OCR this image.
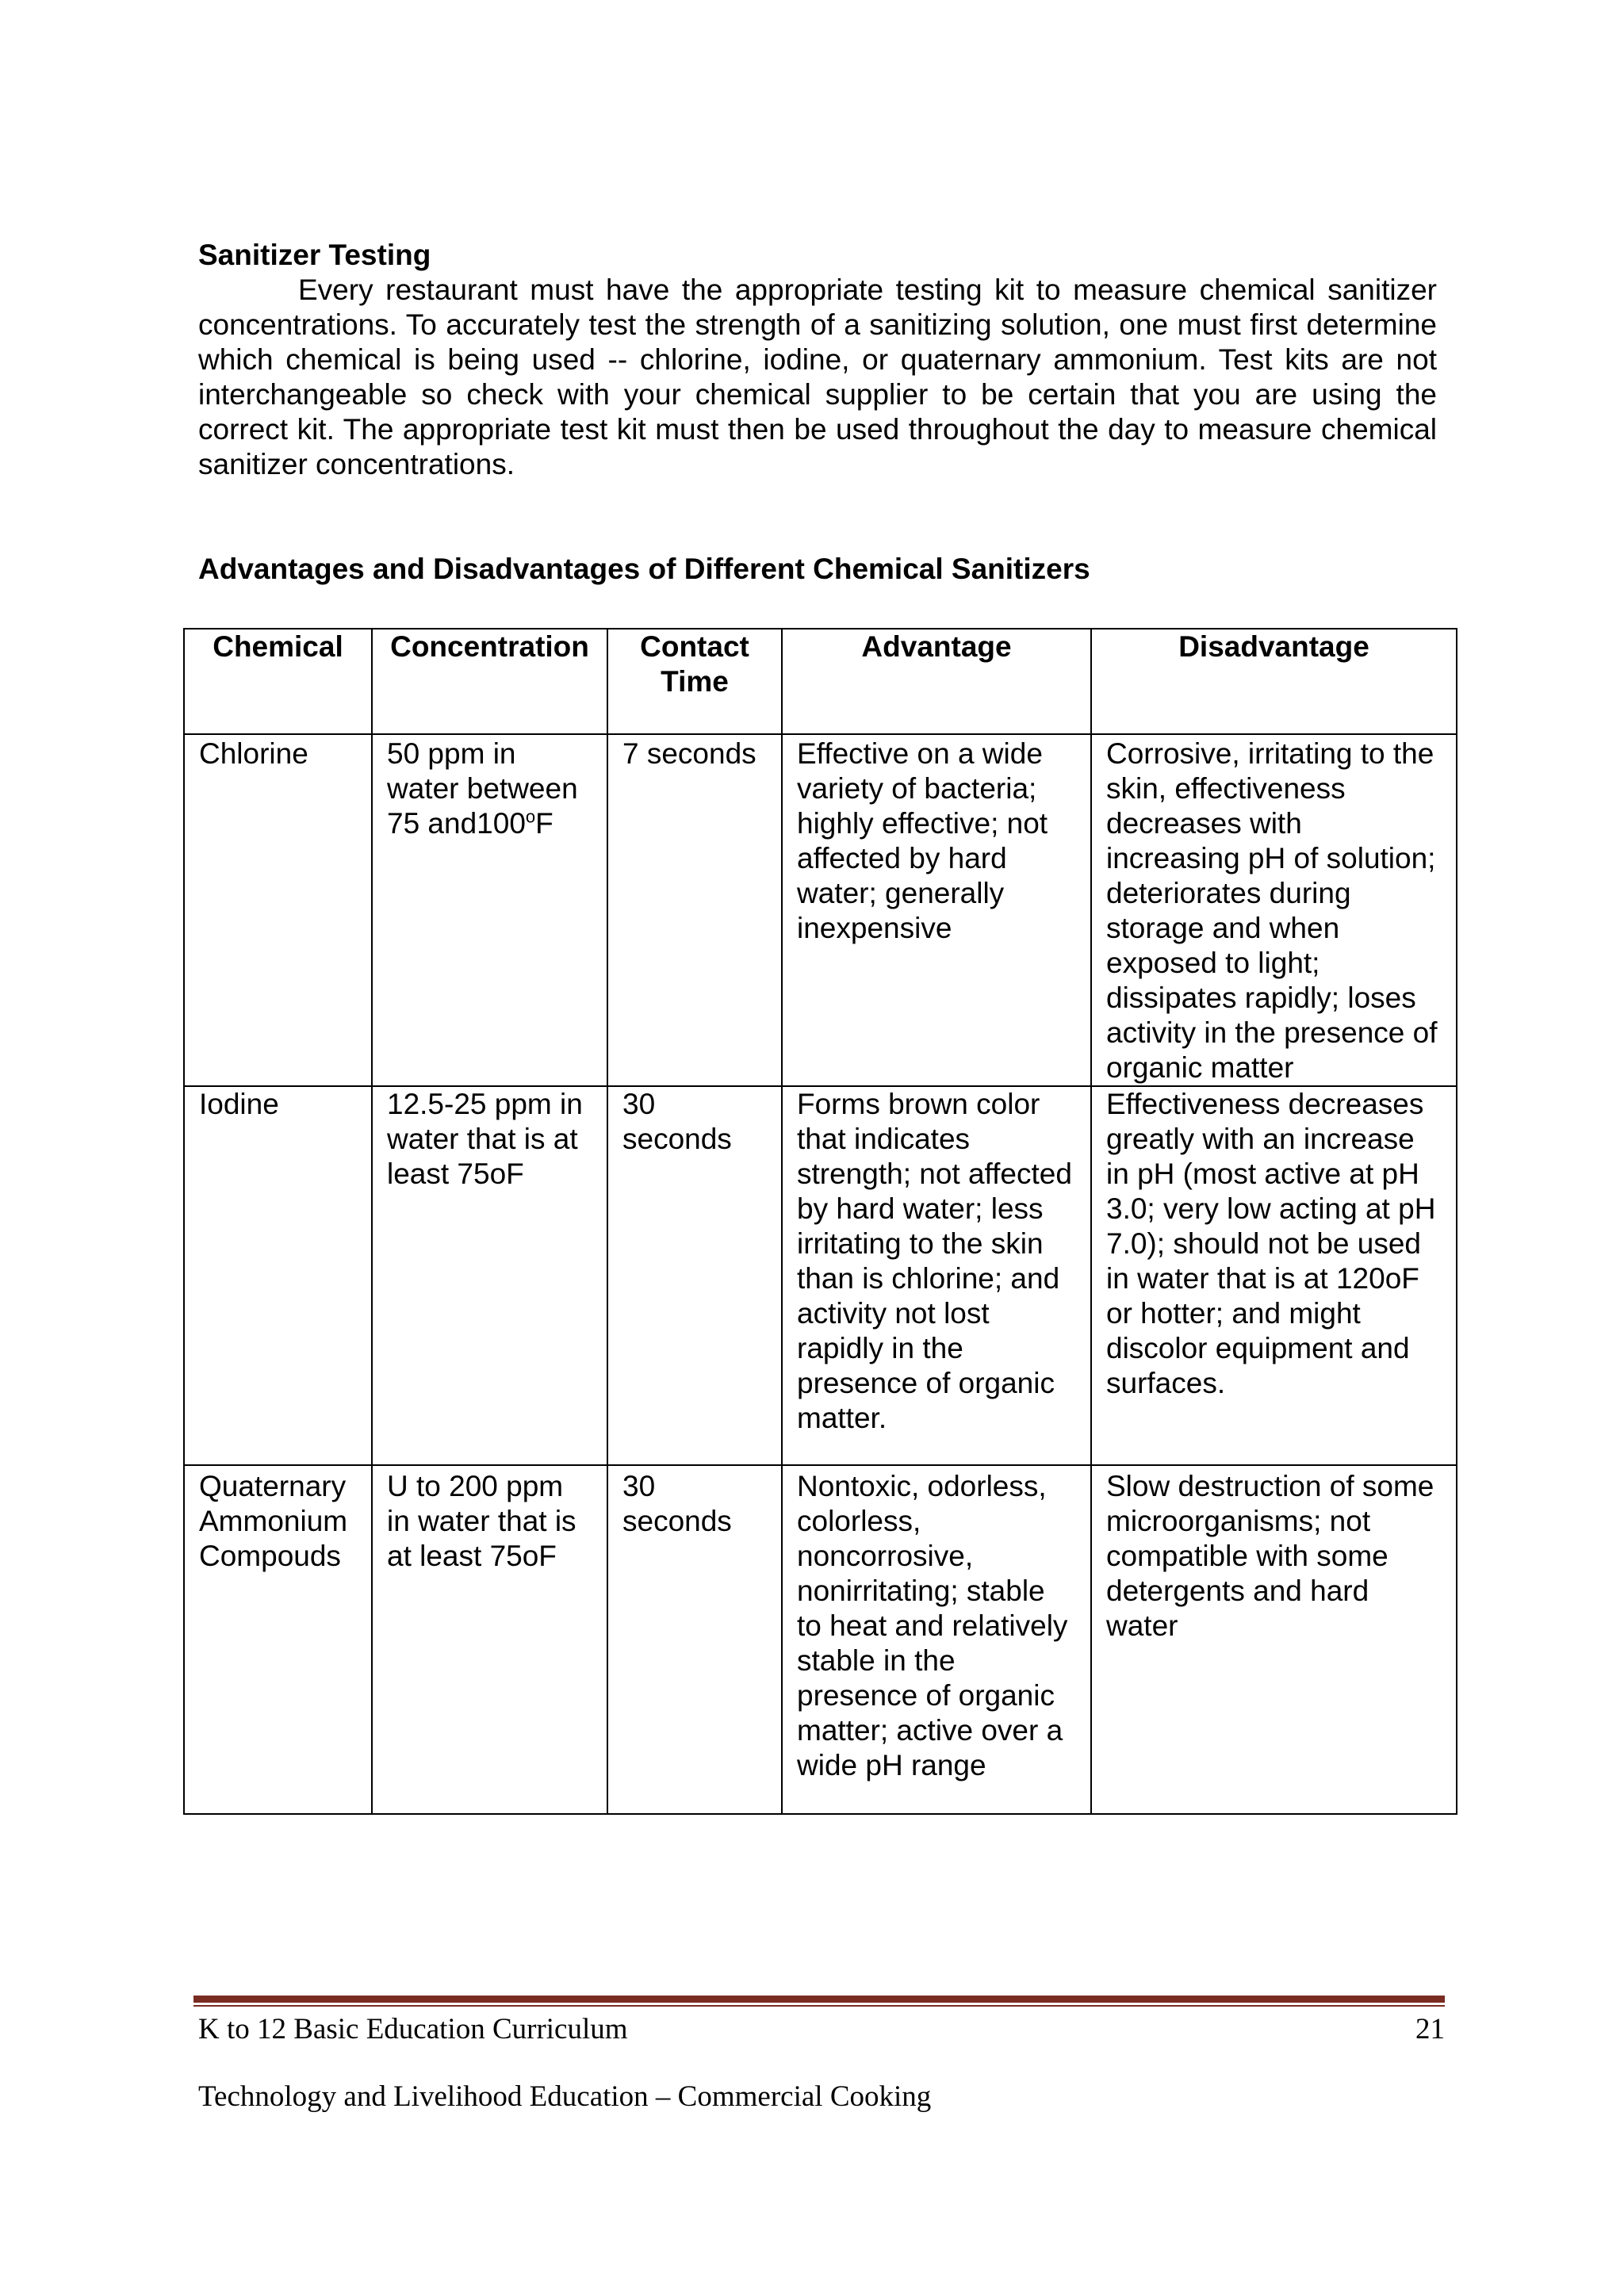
Sanitizer Testing

Every restaurant must have the appropriate testing kit to measure chemical sanitizer concentrations. To accurately test the strength of a sanitizing solution, one must first determine which chemical is being used -- chlorine, iodine, or quaternary ammonium. Test kits are not interchangeable so check with your chemical supplier to be certain that you are using the correct kit. The appropriate test kit must then be used throughout the day to measure chemical sanitizer concentrations.

Advantages and Disadvantages of Different Chemical Sanitizers
Chemical	Concentration	Contact Time	Advantage	Disadvantage
Chlorine	50 ppm in water between 75 and100$^o$F	7 seconds	Effective on a wide variety of bacteria; highly effective; not affected by hard water; generally inexpensive	Corrosive, irritating to the skin, effectiveness decreases with increasing pH of solution; deteriorates during storage and when exposed to light; dissipates rapidly; loses activity in the presence of organic matter
Iodine	12.5-25 ppm in water that is at least 75oF	30 seconds	Forms brown color that indicates strength; not affected by hard water; less irritating to the skin than is chlorine; and activity not lost rapidly in the presence of organic matter.	Effectiveness decreases greatly with an increase in pH (most active at pH 3.0; very low acting at pH 7.0); should not be used in water that is at 120oF or hotter; and might discolor equipment and surfaces.

Quaternary Ammonium Compouds	U to 200 ppm in water that is at least 75oF	30 seconds	Nontoxic, odorless, colorless, noncorrosive, nonirritating; stable to heat and relatively stable in the presence of organic matter; active over a wide pH range	Slow destruction of some microorganisms; not compatible with some detergents and hard water

K to 12 Basic Education Curriculum	21

Technology and Livelihood Education – Commercial Cooking
